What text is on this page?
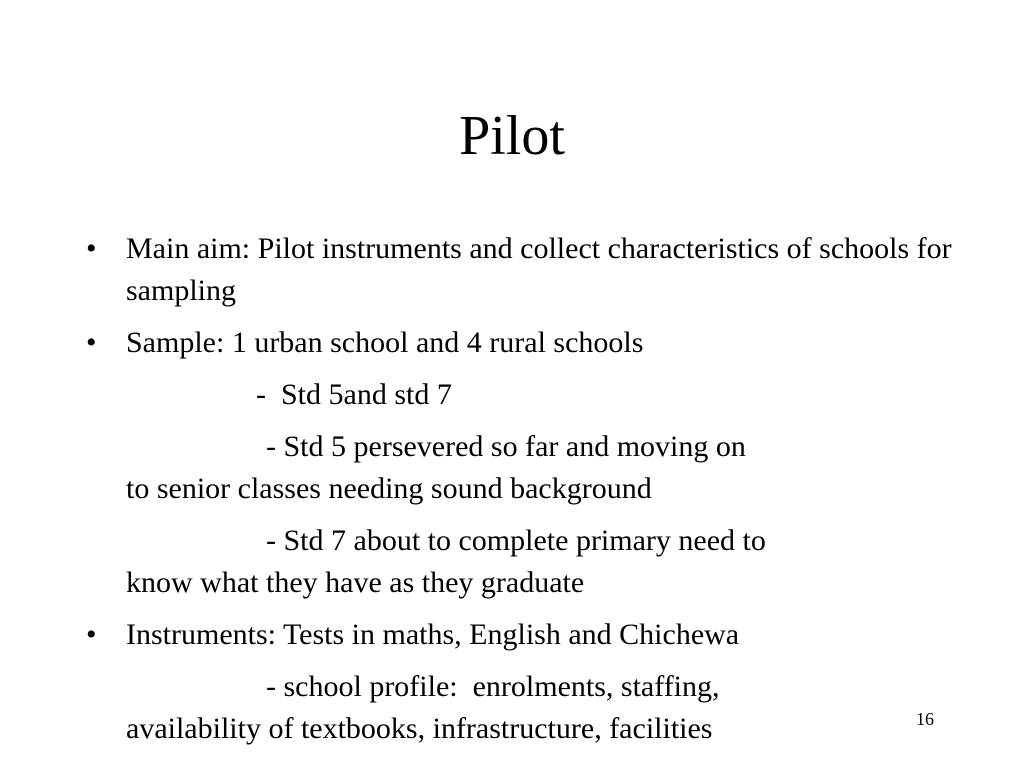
Pilot
• Main aim: Pilot instruments and collect characteristics of schools for sampling
• Sample: 1 urban school and 4 rural schools
-  Std 5and std 7
- Std 5 persevered so far and moving on
to senior classes needing sound background
- Std 7 about to complete primary need to
know what they have as they graduate
• Instruments: Tests in maths, English and Chichewa
- school profile:  enrolments, staffing,
availability of textbooks, infrastructure, facilities	16
